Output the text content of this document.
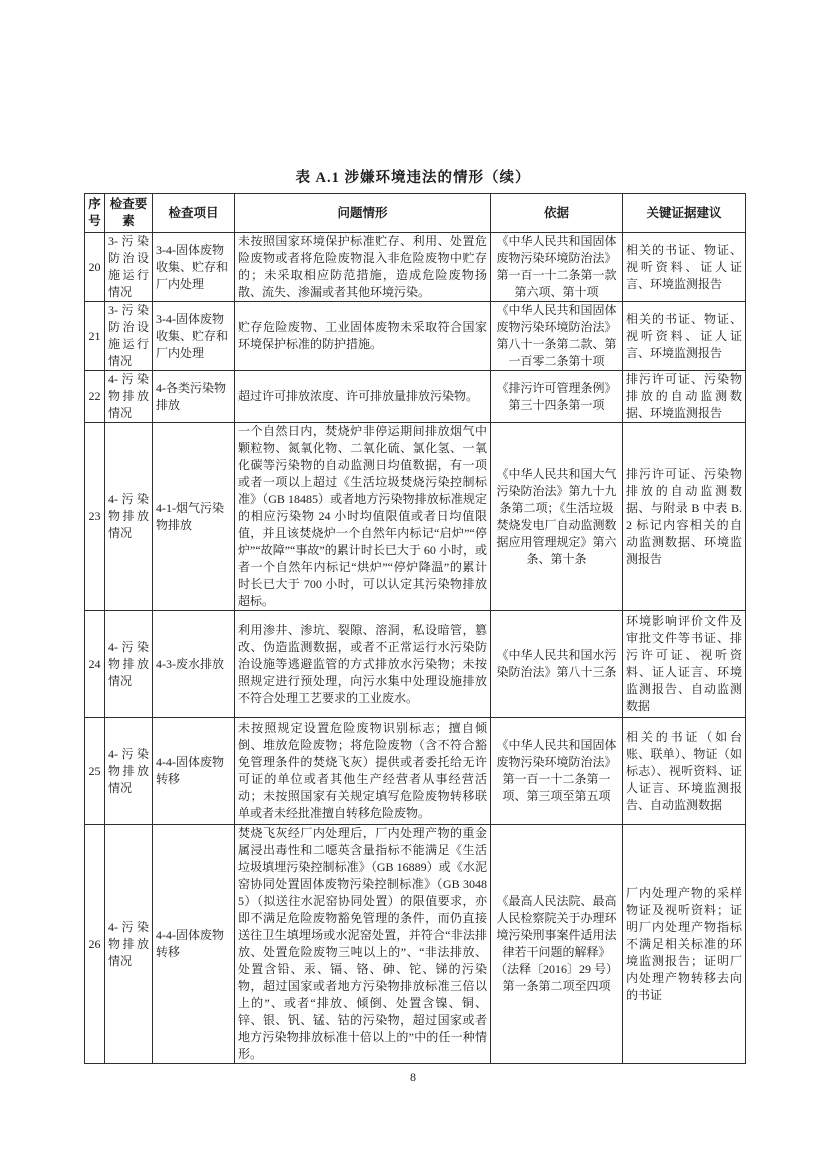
表 A.1 涉嫌环境违法的情形（续）
序号	检查要素	检查项目	问题情形	依据	关键证据建议
20	3-污染防治设施运行情况	3-4-固体废物收集、贮存和厂内处理	未按照国家环境保护标准贮存、利用、处置危险废物或者将危险废物混入非危险废物中贮存的；未采取相应防范措施，造成危险废物扬散、流失、渗漏或者其他环境污染。	《中华人民共和国固体废物污染环境防治法》第一百一十二条第一款第六项、第十项	相关的书证、物证、视听资料、证人证言、环境监测报告
21	3-污染防治设施运行情况	3-4-固体废物收集、贮存和厂内处理	贮存危险废物、工业固体废物未采取符合国家环境保护标准的防护措施。	《中华人民共和国固体废物污染环境防治法》第八十一条第二款、第一百零二条第十项	相关的书证、物证、视听资料、证人证言、环境监测报告
22	4-污染物排放情况	4-各类污染物排放	超过许可排放浓度、许可排放量排放污染物。	《排污许可管理条例》第三十四条第一项	排污许可证、污染物排放的自动监测数据、环境监测报告
23	4-污染物排放情况	4-1-烟气污染物排放	一个自然日内，焚烧炉非停运期间排放烟气中颗粒物、氮氧化物、二氧化硫、氯化氢、一氧化碳等污染物的自动监测日均值数据，有一项或者一项以上超过《生活垃圾焚烧污染控制标准》（GB 18485）或者地方污染物排放标准规定的相应污染物 24 小时均值限值或者日均值限值，并且该焚烧炉一个自然年内标记“启炉”“停炉”“故障”“事故”的累计时长已大于 60 小时，或者一个自然年内标记“烘炉”“停炉降温”的累计时长已大于 700 小时，可以认定其污染物排放超标。	《中华人民共和国大气污染防治法》第九十九条第二项；《生活垃圾焚烧发电厂自动监测数据应用管理规定》第六条、第十条	排污许可证、污染物排放的自动监测数据、与附录 B 中表 B.2 标记内容相关的自动监测数据、环境监测报告
24	4-污染物排放情况	4-3-废水排放	利用渗井、渗坑、裂隙、溶洞，私设暗管，篡改、伪造监测数据，或者不正常运行水污染防治设施等逃避监管的方式排放水污染物；未按照规定进行预处理，向污水集中处理设施排放不符合处理工艺要求的工业废水。	《中华人民共和国水污染防治法》第八十三条	环境影响评价文件及审批文件等书证、排污许可证、视听资料、证人证言、环境监测报告、自动监测数据
25	4-污染物排放情况	4-4-固体废物转移	未按照规定设置危险废物识别标志；擅自倾倒、堆放危险废物；将危险废物（含不符合豁免管理条件的焚烧飞灰）提供或者委托给无许可证的单位或者其他生产经营者从事经营活动；未按照国家有关规定填写危险废物转移联单或者未经批准擅自转移危险废物。	《中华人民共和国固体废物污染环境防治法》第一百一十二条第一项、第三项至第五项	相关的书证（如台账、联单）、物证（如标志）、视听资料、证人证言、环境监测报告、自动监测数据
26	4-污染物排放情况	4-4-固体废物转移	焚烧飞灰经厂内处理后，厂内处理产物的重金属浸出毒性和二噁英含量指标不能满足《生活垃圾填埋污染控制标准》（GB 16889）或《水泥窑协同处置固体废物污染控制标准》（GB 30485）（拟送往水泥窑协同处置）的限值要求，亦即不满足危险废物豁免管理的条件，而仍直接送往卫生填埋场或水泥窑处置，并符合“非法排放、处置危险废物三吨以上的”、“非法排放、处置含铅、汞、镉、铬、砷、铊、锑的污染物，超过国家或者地方污染物排放标准三倍以上的”、或者“排放、倾倒、处置含镍、铜、锌、银、钒、锰、钴的污染物，超过国家或者地方污染物排放标准十倍以上的”中的任一种情形。	《最高人民法院、最高人民检察院关于办理环境污染刑事案件适用法律若干问题的解释》（法释〔2016〕29 号）第一条第二项至四项	厂内处理产物的采样物证及视听资料；证明厂内处理产物指标不满足相关标准的环境监测报告；证明厂内处理产物转移去向的书证
8
